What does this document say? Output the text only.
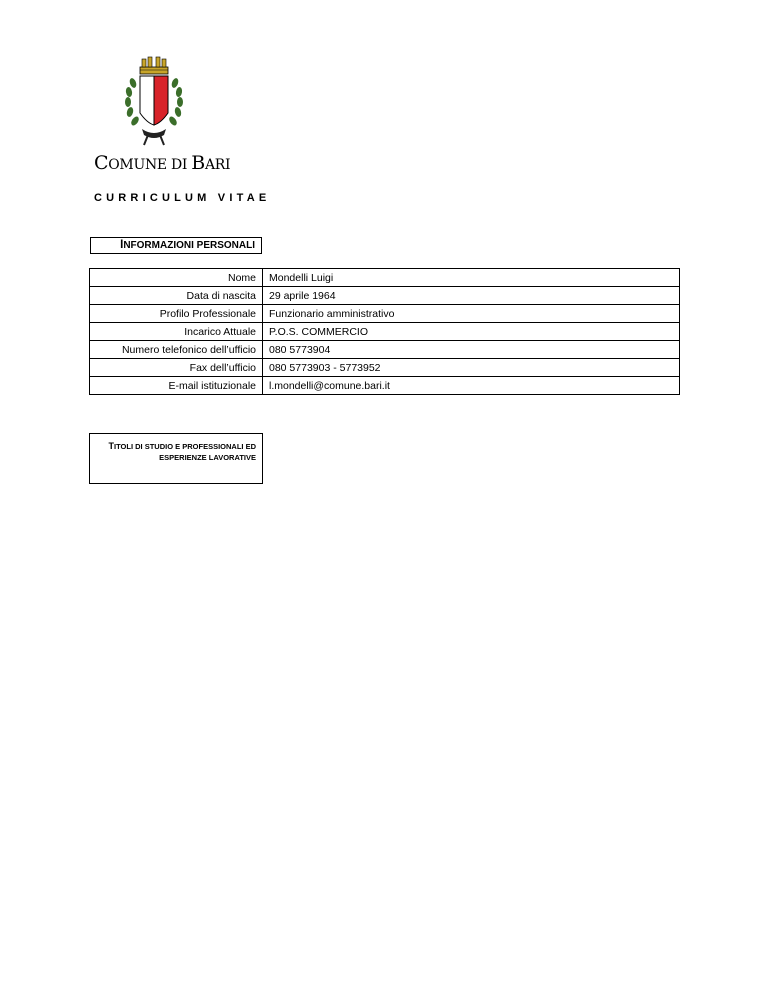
COMUNE DI BARI
CURRICULUM VITAE
INFORMAZIONI PERSONALI
Nome	Mondelli Luigi
Data di nascita	29 aprile 1964
Profilo Professionale	Funzionario amministrativo
Incarico Attuale	P.O.S. COMMERCIO
Numero telefonico dell’ufficio	080 5773904
Fax dell’ufficio	080 5773903 - 5773952
E-mail istituzionale	l.mondelli@comune.bari.it
TITOLI DI STUDIO E PROFESSIONALI ED
ESPERIENZE LAVORATIVE
